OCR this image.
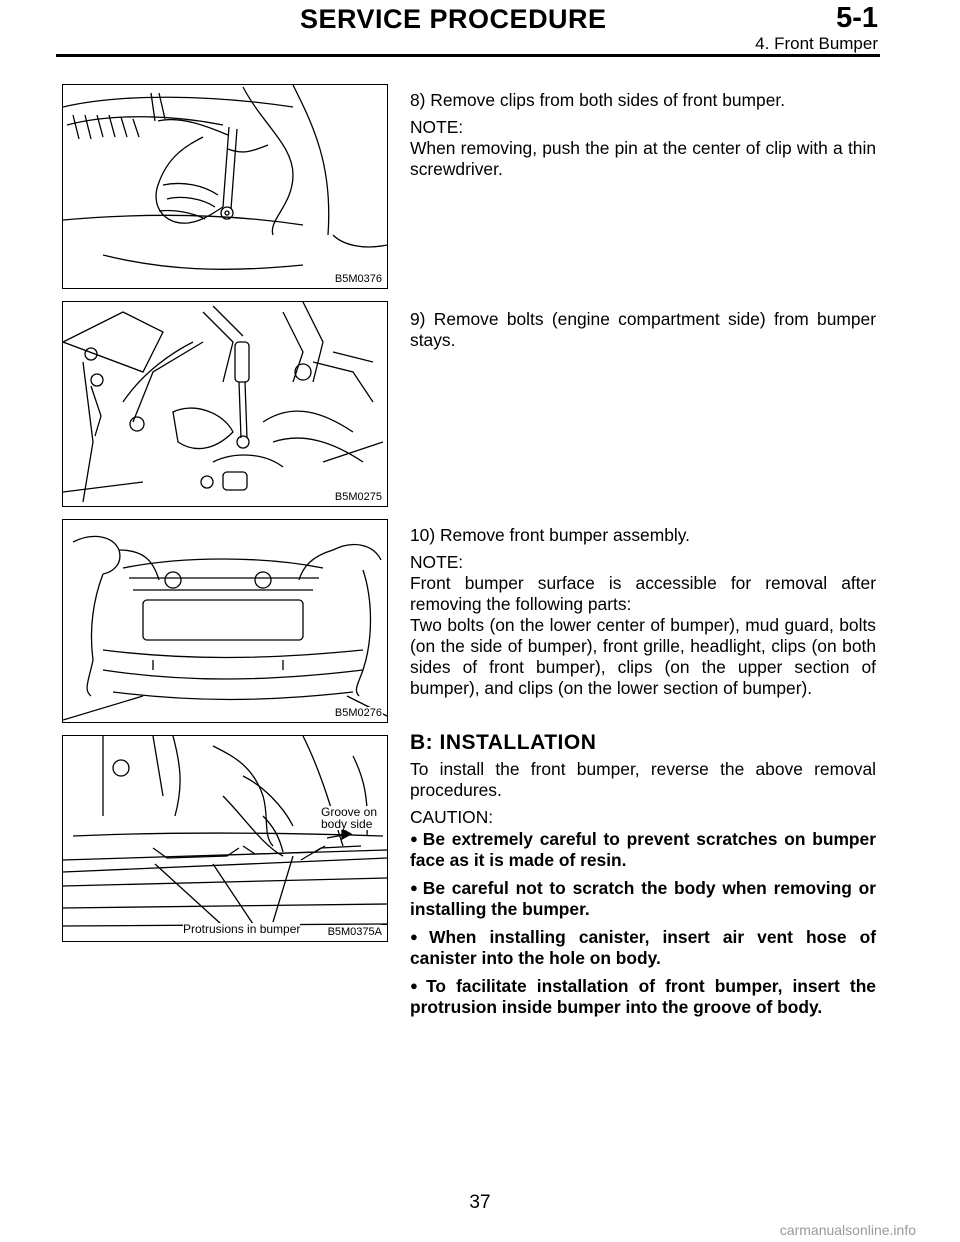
SERVICE PROCEDURE	5-1
4. Front Bumper
B5M0376
B5M0275
B5M0276
Groove on
body side
Protrusions in bumper B5M0375A

8) Remove clips from both sides of front bumper.

NOTE:

When removing, push the pin at the center of clip with a thin screwdriver.

9) Remove bolts (engine compartment side) from bumper stays.

10) Remove front bumper assembly.

NOTE:

Front bumper surface is accessible for removal after removing the following parts:

Two bolts (on the lower center of bumper), mud guard, bolts (on the side of bumper), front grille, headlight, clips (on both sides of front bumper), clips (on the upper section of bumper), and clips (on the lower section of bumper).

B: INSTALLATION

To install the front bumper, reverse the above removal procedures.

CAUTION:

● Be extremely careful to prevent scratches on bumper face as it is made of resin.

● Be careful not to scratch the body when removing or installing the bumper.

● When installing canister, insert air vent hose of canister into the hole on body.

● To facilitate installation of front bumper, insert the protrusion inside bumper into the groove of body.

37
carmanualsonline.info
